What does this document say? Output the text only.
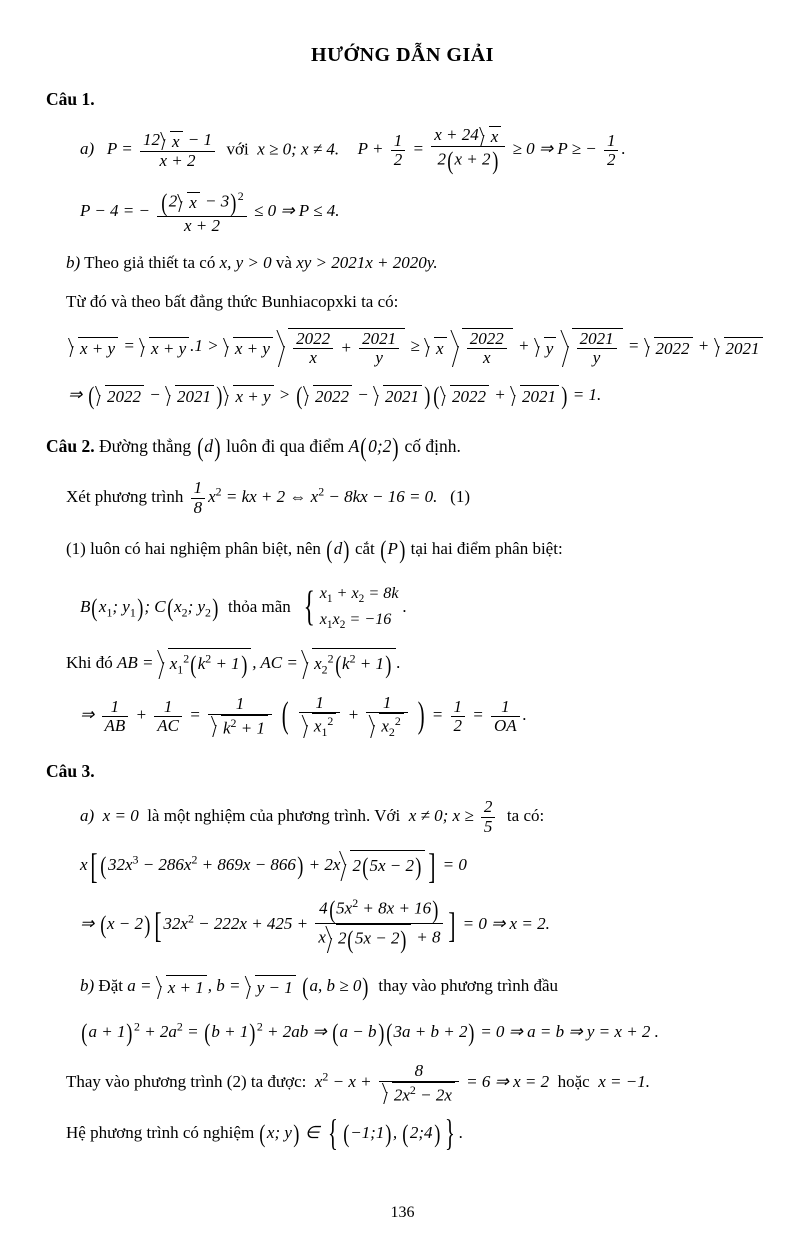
HƯỚNG DẪN GIẢI
Câu 1.
a)   $P = \frac{12 x - 1}{x + 2}$ với  x ≥ 0; x ≠ 4. $P + \frac{1}{2} = \frac{x + 24 x}{2(x + 2)} \ge 0$ ⇒ P ≥ − $\frac{1}{2}$ .
P − 4 = − $\frac{(2 x - 3)^2}{x + 2} \le 0$ ⇒ P ≤ 4.
b) Theo giả thiết ta có x, y > 0 và xy > 2021x + 2020y.
Từ đó và theo bất đẳng thức Bunhiacopxki ta có:
x + y = x + y .1 > x + y $\frac{2022}{x} + \frac{2021}{y} \ge x \frac{2022}{x} + y \frac{2021}{y} = 2022 + 2021$
⇒ ( 2022 − 2021 ) x + y > ( 2022 − 2021 )( 2022 + 2021 ) = 1.
Câu 2. Đường thẳng (d) luôn đi qua điểm A(0;2) cố định.
Xét phương trình $\frac{1}{8} x^2$ = kx + 2 ⇔ $x^2 - 8kx - 16 = 0$. (1)
(1) luôn có hai nghiệm phân biệt, nên (d) cắt (P) tại hai điểm phân biệt:
$B(x_1$; $y_1$); $C(x_2$; $y_2$)  thỏa mãn { $x_1 + x_2 = 8k$
$x_1x_2 = -16$
.
Khi đó AB = $x_1^2(k^2 + 1)$ , AC = $x_2^2(k^2 + 1)$ .
⇒ $\frac{1}{AB} + \frac{1}{AC} = \frac{1}{k^2 + 1}$ ( $\frac{1}{x_1^2} + \frac{1}{x_2^2}$ ) = $\frac{1}{2} = \frac{1}{OA}$ .
Câu 3.
a) x = 0  là một nghiệm của phương trình. Với  x ≠ 0; $x \ge \frac{2}{5}$ ta có:
x[ $(32x^3 - 286x^2 + 869x - 866) + 2x$ 2(5x − 2) ] = 0
⇒ (x − 2)[ $32x^2 - 222x + 425 + \frac{4(5x^2 + 8x + 16)}{x 2(5x - 2) + 8}$ ] = 0 ⇒ x = 2.
b) Đặt a = x + 1 , b = y − 1 (a, b ≥ 0)  thay vào phương trình đầu
$(a + 1)^2 + 2a^2 = (b + 1)^2 + 2ab$ ⇒ (a − b)(3a + b + 2) = 0 ⇒ a = b ⇒ y = x + 2 .
Thay vào phương trình (2) ta được:  $x^2 - x + \frac{8}{2x^2 - 2x} = 6$ ⇒ x = 2  hoặc  x = −1.
Hệ phương trình có nghiệm (x; y) ∈ { (−1;1), (2;4) } .
136
